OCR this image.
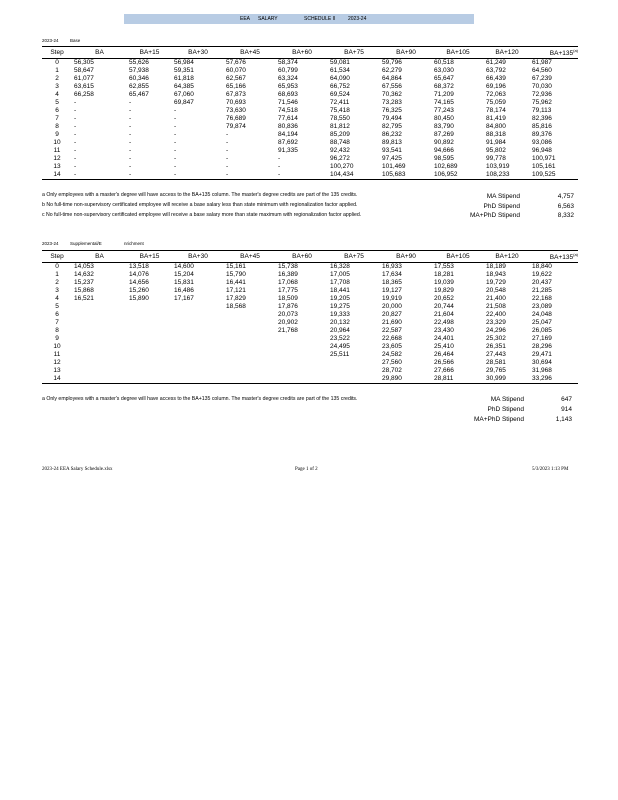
EEA SALARY	SCHEDULE II	2023-24
2023-24	Base
Step	BA	BA+15	BA+30	BA+45	BA+60	BA+75	BA+90	BA+105	BA+120	$BA+135^{(a)}$
0	56,305	55,626	56,984	57,676	58,374	59,081	59,796	60,518	61,249	61,987
1	58,647	57,938	59,351	60,070	60,799	61,534	62,279	63,030	63,792	64,560
2	61,077	60,346	61,818	62,567	63,324	64,090	64,864	65,647	66,439	67,239
3	63,615	62,855	64,385	65,166	65,953	66,752	67,556	68,372	69,196	70,030
4	66,258	65,467	67,060	67,873	68,693	69,524	70,362	71,209	72,063	72,936
5	-	-	69,847	70,693	71,546	72,411	73,283	74,165	75,059	75,962
6	-	-	-	73,630	74,518	75,418	76,325	77,243	78,174	79,113
7	-	-	-	76,689	77,614	78,550	79,494	80,450	81,419	82,396
8	-	-	-	79,874	80,836	81,812	82,795	83,790	84,800	85,816
9	-	-	-	-	84,194	85,209	86,232	87,269	88,318	89,376
10	-	-	-	-	87,692	88,748	89,813	90,892	91,984	93,086
11	-	-	-	-	91,335	92,432	93,541	94,666	95,802	96,948
12	-	-	-	-	-	96,272	97,425	98,595	99,778	100,971
13	-	-	-	-	-	100,270	101,469	102,689	103,919	105,161
14	-	-	-	-	-	104,434	105,683	106,952	108,233	109,525
a Only employees with a master's degree will have access to the BA+135 column. The master's degree credits are part of the 135 credits.
b No full-time non-supervisory certificated employee will receive a base salary less than state minimum with regionalization factor applied.
c No full-time non-supervisory certificated employee will receive a base salary more than state maximum with regionalization factor applied.
MA Stipend	4,757
PhD Stipend	6,563
MA+PhD Stipend	8,332
2023-24	Supplemental/E	nrichment
Step	BA	BA+15	BA+30	BA+45	BA+60	BA+75	BA+90	BA+105	BA+120	$BA+135^{(a)}$
0	14,053	13,518	14,600	15,161	15,738	16,328	16,933	17,553	18,189	18,840
1	14,632	14,076	15,204	15,790	16,389	17,005	17,634	18,281	18,943	19,622
2	15,237	14,656	15,831	16,441	17,068	17,708	18,365	19,039	19,729	20,437
3	15,868	15,260	16,486	17,121	17,775	18,441	19,127	19,829	20,548	21,285
4	16,521	15,890	17,167	17,829	18,509	19,205	19,919	20,652	21,400	22,168
5				18,568	17,876	19,275	20,000	20,744	21,508	23,089
6					20,073	19,333	20,827	21,604	22,400	24,048
7					20,902	20,132	21,690	22,498	23,329	25,047
8					21,768	20,964	22,587	23,430	24,296	26,085
9						23,522	22,668	24,401	25,302	27,169
10						24,495	23,605	25,410	26,351	28,296
11						25,511	24,582	26,464	27,443	29,471
12							27,560	26,566	28,581	30,694
13							28,702	27,666	29,765	31,968
14							29,890	28,811	30,999	33,296
a Only employees with a master's degree will have access to the BA+135 column. The master's degree credits are part of the 135 credits.	MA Stipend	647
PhD Stipend	914
MA+PhD Stipend	1,143
2023-24 EEA Salary Schedule.xlsx	Page 1 of 2	5/3/2023 1:13 PM
